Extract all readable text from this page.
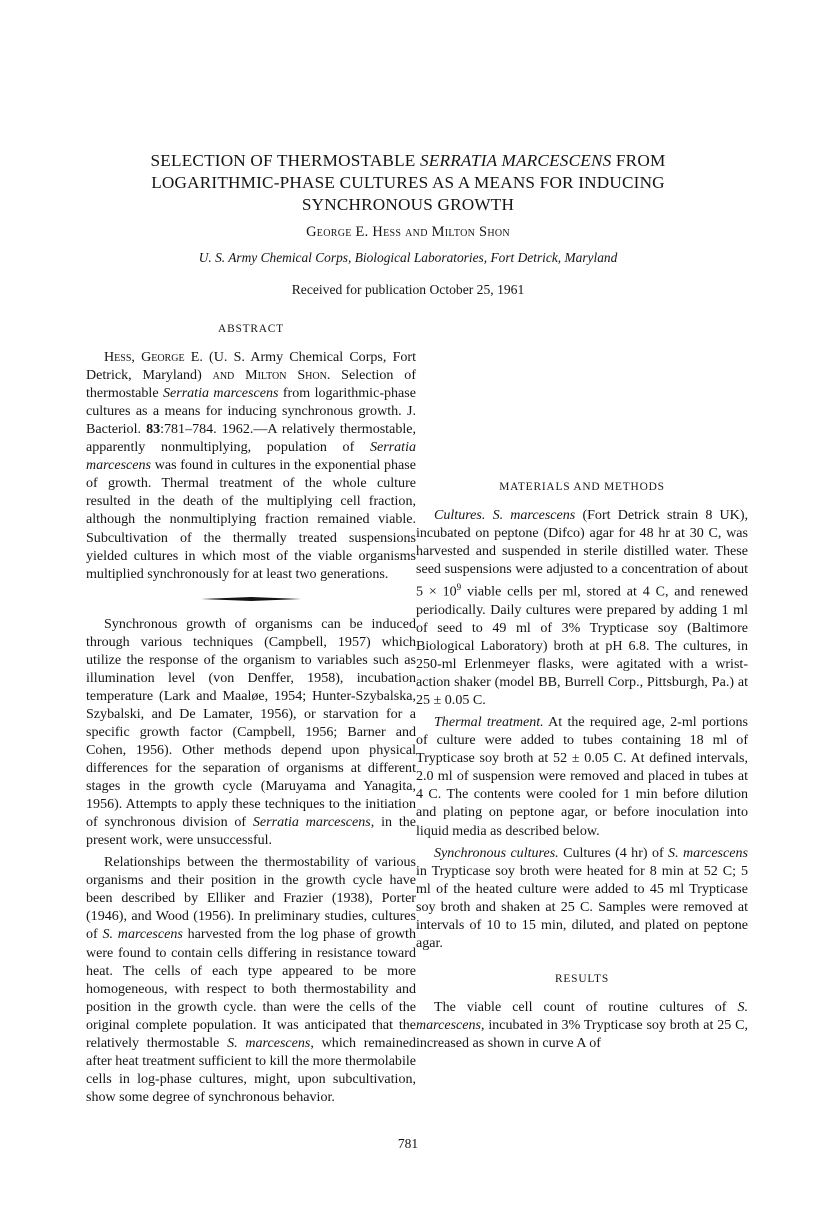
SELECTION OF THERMOSTABLE SERRATIA MARCESCENS FROM
LOGARITHMIC-PHASE CULTURES AS A MEANS FOR INDUCING
SYNCHRONOUS GROWTH
George E. Hess and Milton Shon
U. S. Army Chemical Corps, Biological Laboratories, Fort Detrick, Maryland
Received for publication October 25, 1961
ABSTRACT

Hess, George E. (U. S. Army Chemical Corps, Fort Detrick, Maryland) and Milton Shon. Selection of thermostable Serratia marcescens from logarithmic-phase cultures as a means for inducing synchronous growth. J. Bacteriol. 83:781–784. 1962.—A relatively thermostable, apparently nonmultiplying, population of Serratia marcescens was found in cultures in the exponential phase of growth. Thermal treatment of the whole culture resulted in the death of the multiplying cell fraction, although the nonmultiplying fraction remained viable. Subcultivation of the thermally treated suspensions yielded cultures in which most of the viable organisms multiplied synchronously for at least two generations.

Synchronous growth of organisms can be induced through various techniques (Campbell, 1957) which utilize the response of the organism to variables such as illumination level (von Denffer, 1958), incubation temperature (Lark and Maaløe, 1954; Hunter-Szybalska, Szybalski, and De Lamater, 1956), or starvation for a specific growth factor (Campbell, 1956; Barner and Cohen, 1956). Other methods depend upon physical differences for the separation of organisms at different stages in the growth cycle (Maruyama and Yanagita, 1956). Attempts to apply these techniques to the initiation of synchronous division of Serratia marcescens, in the present work, were unsuccessful.

Relationships between the thermostability of various organisms and their position in the growth cycle have been described by Elliker and Frazier (1938), Porter (1946), and Wood (1956). In preliminary studies, cultures of S. marcescens harvested from the log phase of growth were found to contain cells differing in resistance toward heat. The cells of each type appeared to be more homogeneous, with respect to both thermostability and position in the growth cycle. than were the cells of the original complete population. It was anticipated that the relatively thermostable S. marcescens, which remained after heat treatment sufficient to kill the more thermolabile cells in log-phase cultures, might, upon subcultivation, show some degree of synchronous behavior.

MATERIALS AND METHODS

Cultures. S. marcescens (Fort Detrick strain 8 UK), incubated on peptone (Difco) agar for 48 hr at 30 C, was harvested and suspended in sterile distilled water. These seed suspensions were adjusted to a concentration of about $5 \times 10^9$ viable cells per ml, stored at 4 C, and renewed periodically. Daily cultures were prepared by adding 1 ml of seed to 49 ml of 3% Trypticase soy (Baltimore Biological Laboratory) broth at pH 6.8. The cultures, in 250-ml Erlenmeyer flasks, were agitated with a wrist-action shaker (model BB, Burrell Corp., Pittsburgh, Pa.) at 25 ± 0.05 C.

Thermal treatment. At the required age, 2-ml portions of culture were added to tubes containing 18 ml of Trypticase soy broth at 52 ± 0.05 C. At defined intervals, 2.0 ml of suspension were removed and placed in tubes at 4 C. The contents were cooled for 1 min before dilution and plating on peptone agar, or before inoculation into liquid media as described below.

Synchronous cultures. Cultures (4 hr) of S. marcescens in Trypticase soy broth were heated for 8 min at 52 C; 5 ml of the heated culture were added to 45 ml Trypticase soy broth and shaken at 25 C. Samples were removed at intervals of 10 to 15 min, diluted, and plated on peptone agar.

RESULTS

The viable cell count of routine cultures of S. marcescens, incubated in 3% Trypticase soy broth at 25 C, increased as shown in curve A of

781
